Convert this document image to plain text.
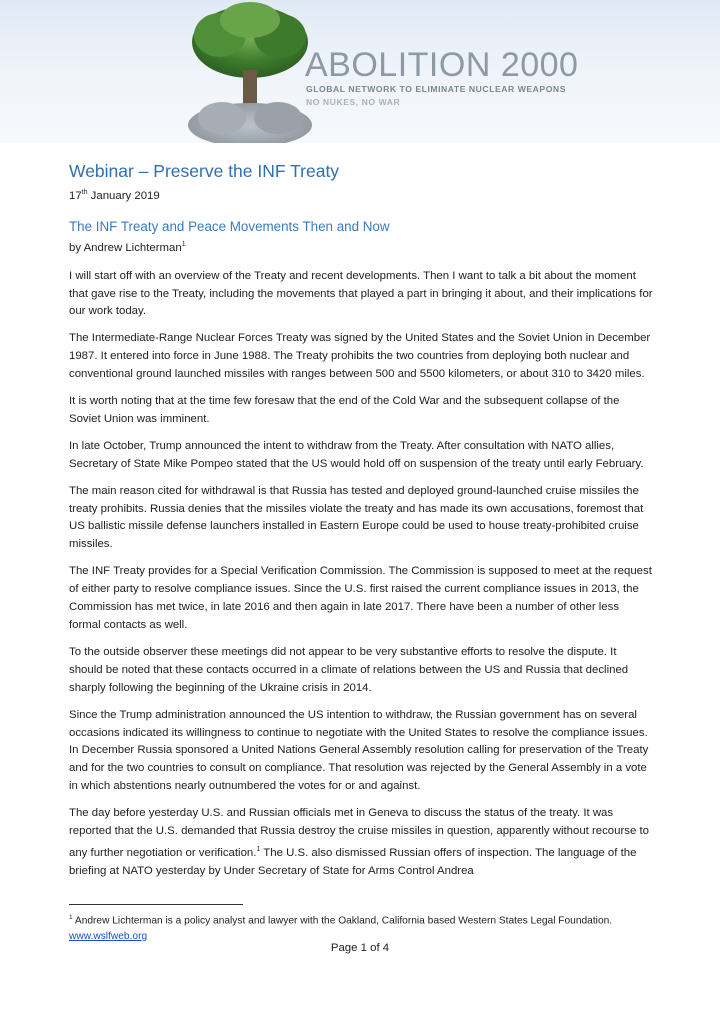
ABOLITION 2000
GLOBAL NETWORK TO ELIMINATE NUCLEAR WEAPONS
NO NUKES, NO WAR
Webinar – Preserve the INF Treaty
17th January 2019
The INF Treaty and Peace Movements Then and Now
by Andrew Lichterman$^1$

I will start off with an overview of the Treaty and recent developments. Then I want to talk a bit about the moment that gave rise to the Treaty, including the movements that played a part in bringing it about, and their implications for our work today.

The Intermediate-Range Nuclear Forces Treaty was signed by the United States and the Soviet Union in December 1987. It entered into force in June 1988. The Treaty prohibits the two countries from deploying both nuclear and conventional ground launched missiles with ranges between 500 and 5500 kilometers, or about 310 to 3420 miles.

It is worth noting that at the time few foresaw that the end of the Cold War and the subsequent collapse of the Soviet Union was imminent.

In late October, Trump announced the intent to withdraw from the Treaty. After consultation with NATO allies, Secretary of State Mike Pompeo stated that the US would hold off on suspension of the treaty until early February.

The main reason cited for withdrawal is that Russia has tested and deployed ground-launched cruise missiles the treaty prohibits. Russia denies that the missiles violate the treaty and has made its own accusations, foremost that US ballistic missile defense launchers installed in Eastern Europe could be used to house treaty-prohibited cruise missiles.

The INF Treaty provides for a Special Verification Commission. The Commission is supposed to meet at the request of either party to resolve compliance issues. Since the U.S. first raised the current compliance issues in 2013, the Commission has met twice, in late 2016 and then again in late 2017. There have been a number of other less formal contacts as well.

To the outside observer these meetings did not appear to be very substantive efforts to resolve the dispute. It should be noted that these contacts occurred in a climate of relations between the US and Russia that declined sharply following the beginning of the Ukraine crisis in 2014.

Since the Trump administration announced the US intention to withdraw, the Russian government has on several occasions indicated its willingness to continue to negotiate with the United States to resolve the compliance issues. In December Russia sponsored a United Nations General Assembly resolution calling for preservation of the Treaty and for the two countries to consult on compliance. That resolution was rejected by the General Assembly in a vote in which abstentions nearly outnumbered the votes for or and against.

The day before yesterday U.S. and Russian officials met in Geneva to discuss the status of the treaty. It was reported that the U.S. demanded that Russia destroy the cruise missiles in question, apparently without recourse to any further negotiation or verification.$^1$ The U.S. also dismissed Russian offers of inspection. The language of the briefing at NATO yesterday by Under Secretary of State for Arms Control Andrea

$^1$ Andrew Lichterman is a policy analyst and lawyer with the Oakland, California based Western States Legal Foundation. www.wslfweb.org
Page 1 of 4
